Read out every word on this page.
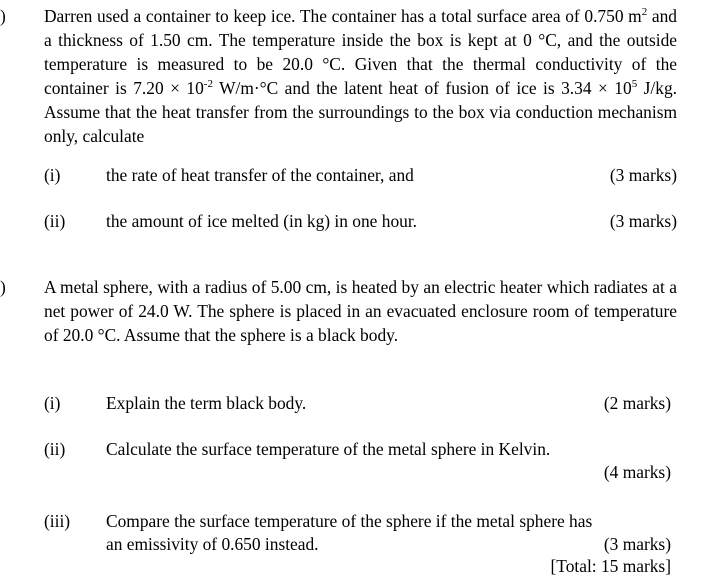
) Darren used a container to keep ice. The container has a total surface area of 0.750 $m^2$ and a thickness of 1.50 cm. The temperature inside the box is kept at 0 °C, and the outside temperature is measured to be 20.0 °C. Given that the thermal conductivity of the container is $7.20 \times 10^{-2}$ W/m·°C and the latent heat of fusion of ice is $3.34 \times 10^5$ J/kg. Assume that the heat transfer from the surroundings to the box via conduction mechanism only, calculate
(i)	the rate of heat transfer of the container, and	(3 marks)
(ii)	the amount of ice melted (in kg) in one hour.	(3 marks)
) A metal sphere, with a radius of 5.00 cm, is heated by an electric heater which radiates at a net power of 24.0 W. The sphere is placed in an evacuated enclosure room of temperature of 20.0 °C. Assume that the sphere is a black body.
(i)	Explain the term black body.	(2 marks)
(ii)	Calculate the surface temperature of the metal sphere in Kelvin.
(4 marks)
(iii)	Compare the surface temperature of the sphere if the metal sphere has
an emissivity of 0.650 instead.	(3 marks)
[Total: 15 marks]
